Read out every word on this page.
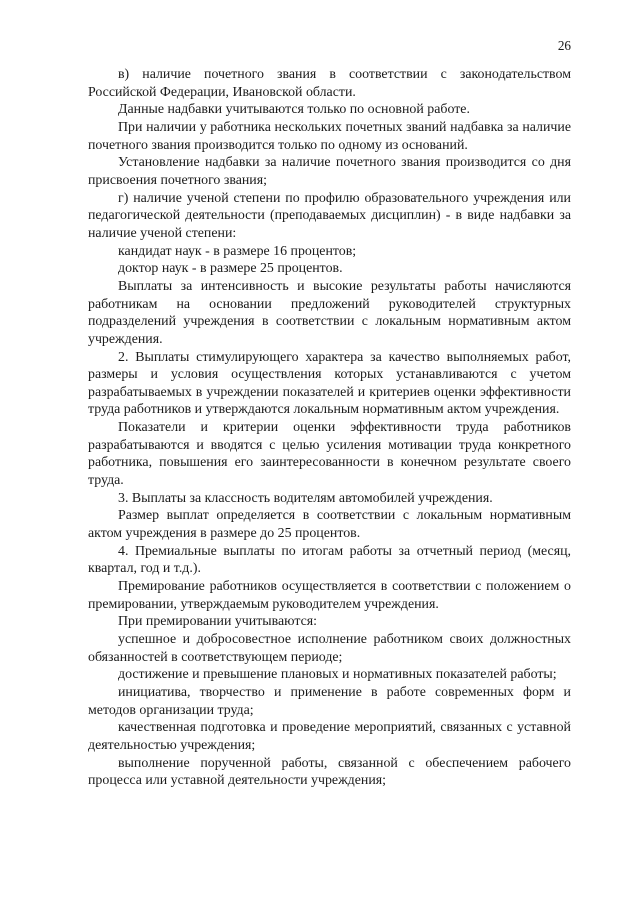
26

в) наличие почетного звания в соответствии с законодательством Российской Федерации, Ивановской области.

Данные надбавки учитываются только по основной работе.

При наличии у работника нескольких почетных званий надбавка за наличие почетного звания производится только по одному из оснований.

Установление надбавки за наличие почетного звания производится со дня присвоения почетного звания;

г) наличие ученой степени по профилю образовательного учреждения или педагогической деятельности (преподаваемых дисциплин) - в виде надбавки за наличие ученой степени:

кандидат наук - в размере 16 процентов;

доктор наук - в размере 25 процентов.

Выплаты за интенсивность и высокие результаты работы начисляются работникам на основании предложений руководителей структурных подразделений учреждения в соответствии с локальным нормативным актом учреждения.

2. Выплаты стимулирующего характера за качество выполняемых работ, размеры и условия осуществления которых устанавливаются с учетом разрабатываемых в учреждении показателей и критериев оценки эффективности труда работников и утверждаются локальным нормативным актом учреждения.

Показатели и критерии оценки эффективности труда работников разрабатываются и вводятся с целью усиления мотивации труда конкретного работника, повышения его заинтересованности в конечном результате своего труда.

3. Выплаты за классность водителям автомобилей учреждения.

Размер выплат определяется в соответствии с локальным нормативным актом учреждения в размере до 25 процентов.

4. Премиальные выплаты по итогам работы за отчетный период (месяц, квартал, год и т.д.).

Премирование работников осуществляется в соответствии с положением о премировании, утверждаемым руководителем учреждения.

При премировании учитываются:

успешное и добросовестное исполнение работником своих должностных обязанностей в соответствующем периоде;

достижение и превышение плановых и нормативных показателей работы;

инициатива, творчество и применение в работе современных форм и методов организации труда;

качественная подготовка и проведение мероприятий, связанных с уставной деятельностью учреждения;

выполнение порученной работы, связанной с обеспечением рабочего процесса или уставной деятельности учреждения;
